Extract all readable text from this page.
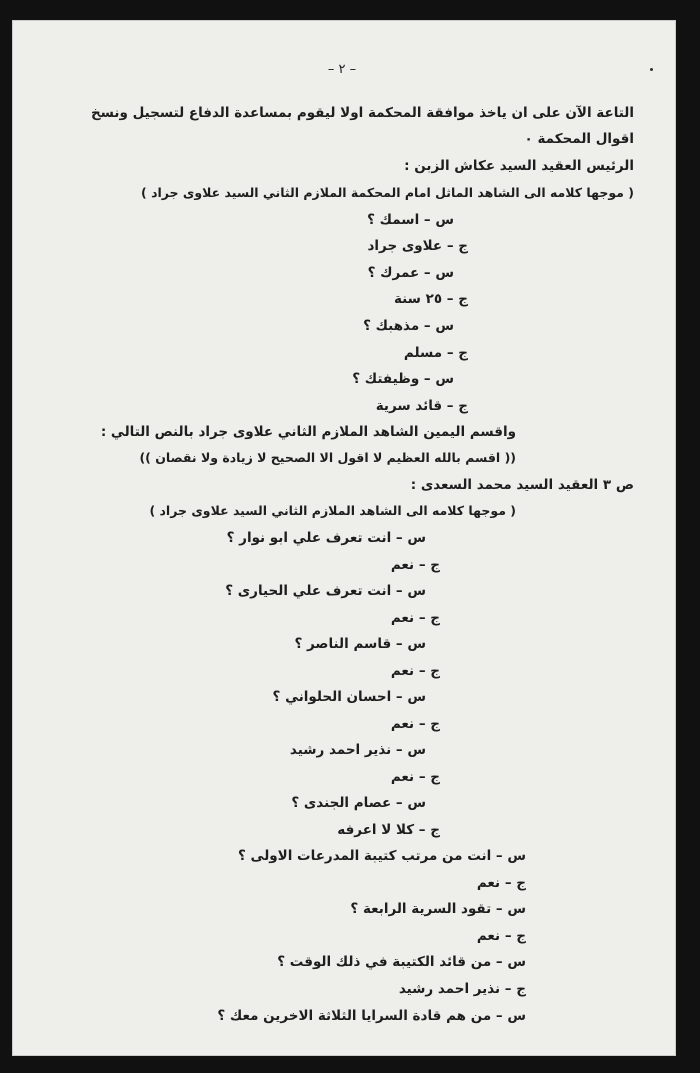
– ٢ –
التاعة الآن على ان ياخذ موافقة المحكمة اولا ليقوم بمساعدة الدفاع لتسجيل ونسخ
اقوال المحكمة ٠
الرئيس العقيد السيد عكاش الزبن :
( موجها كلامه الى الشاهد الماثل امام المحكمة الملازم الثاني السيد علاوى جراد )
س – اسمك ؟
ج – علاوى جراد
س – عمرك ؟
ج – ٢٥ سنة
س – مذهبك ؟
ج – مسلم
س – وظيفتك ؟
ج – قائد سرية
واقسم اليمين الشاهد الملازم الثاني علاوى جراد بالنص التالي :
(( اقسم بالله العظيم لا اقول الا الصحيح لا زيادة ولا نقصان ))
ص ٣ العقيد السيد محمد السعدى :
( موجها كلامه الى الشاهد الملازم الثاني السيد علاوى جراد )
س – انت تعرف علي ابو نوار ؟
ج – نعم
س – انت تعرف علي الحيارى ؟
ج – نعم
س – قاسم الناصر ؟
ج – نعم
س – احسان الحلواني ؟
ج – نعم
س – نذير احمد رشيد
ج – نعم
س – عصام الجندى ؟
ج – كلا لا اعرفه
س – انت من مرتب كتيبة المدرعات الاولى ؟
ج – نعم
س – تقود السرية الرابعة ؟
ج – نعم
س – من قائد الكتيبة في ذلك الوقت ؟
ج – نذير احمد رشيد
س – من هم قادة السرايا الثلاثة الاخرين معك ؟
